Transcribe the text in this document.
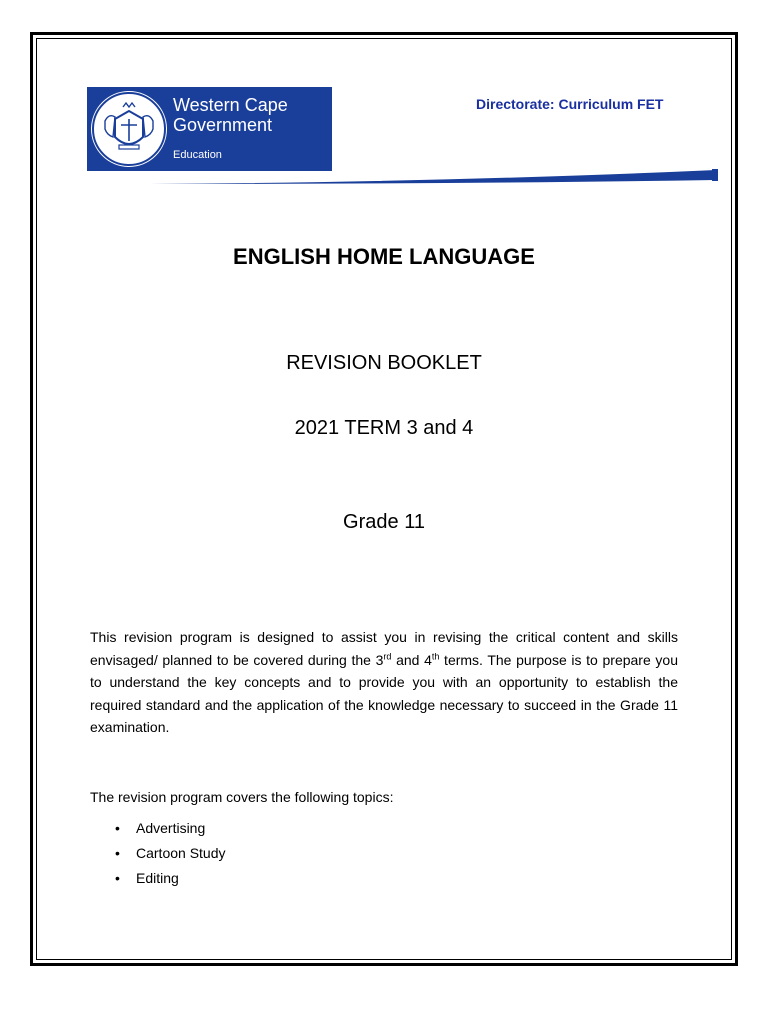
Western Cape
Government
Education
Directorate: Curriculum FET
ENGLISH HOME LANGUAGE
REVISION BOOKLET
2021 TERM 3 and 4
Grade 11
This revision program is designed to assist you in revising the critical content and skills envisaged/ planned to be covered during the 3rd and 4th terms. The purpose is to prepare you to understand the key concepts and to provide you with an opportunity to establish the required standard and the application of the knowledge necessary to succeed in the Grade 11 examination.
The revision program covers the following topics:
• Advertising
• Cartoon Study
• Editing
